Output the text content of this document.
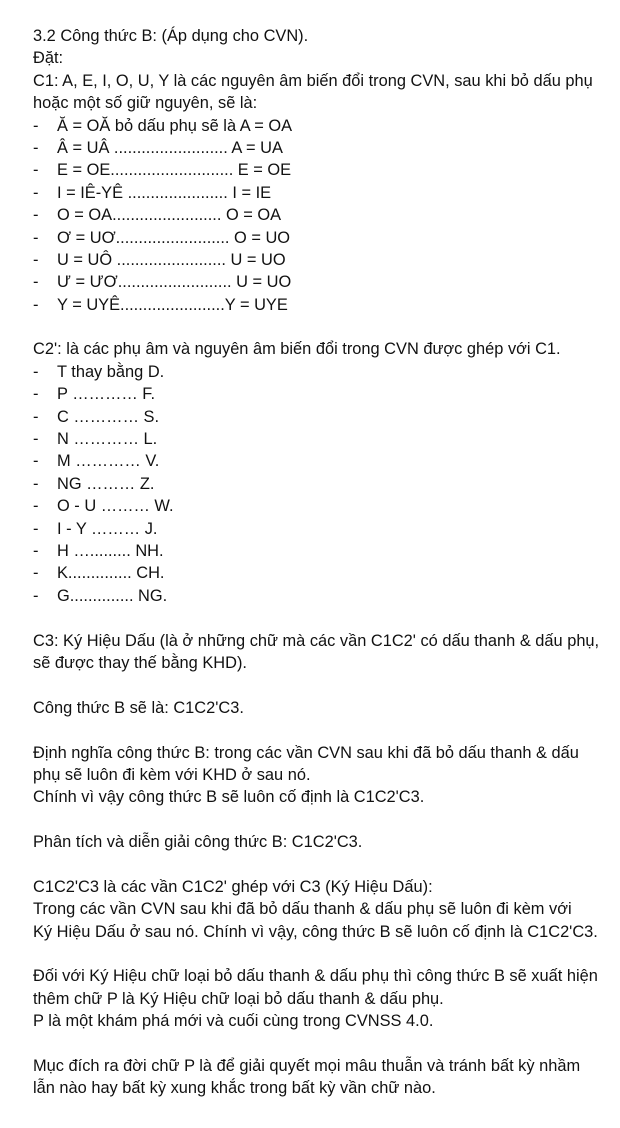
3.2 Công thức B: (Áp dụng cho CVN).
Đặt:
C1: A, E, I, O, U, Y là các nguyên âm biến đổi trong CVN, sau khi bỏ dấu phụ
hoặc một số giữ nguyên, sẽ là:
- Ă = OĂ bỏ dấu phụ sẽ là A = OA
- Â = UÂ ......................... A = UA
- E = OE........................... E = OE
- I = IÊ-YÊ ...................... I = IE
- O = OA........................ O = OA
- Ơ = UƠ......................... O = UO
- U = UÔ ........................ U = UO
- Ư = ƯƠ......................... U = UO
- Y = UYÊ.......................Y = UYE
C2': là các phụ âm và nguyên âm biến đổi trong CVN được ghép với C1.
- T thay bằng D.
- P ………… F.
- C ………… S.
- N ………… L.
- M ………… V.
- NG ……… Z.
- O - U ……… W.
- I - Y ……… J.
- H …......... NH.
- K.............. CH.
- G.............. NG.
C3: Ký Hiệu Dấu (là ở những chữ mà các vần C1C2' có dấu thanh & dấu phụ,
sẽ được thay thế bằng KHD).
Công thức B sẽ là: C1C2'C3.
Định nghĩa công thức B: trong các vần CVN sau khi đã bỏ dấu thanh & dấu
phụ sẽ luôn đi kèm với KHD ở sau nó.
Chính vì vậy công thức B sẽ luôn cố định là C1C2'C3.
Phân tích và diễn giải công thức B: C1C2'C3.
C1C2'C3 là các vần C1C2' ghép với C3 (Ký Hiệu Dấu):
Trong các vần CVN sau khi đã bỏ dấu thanh & dấu phụ sẽ luôn đi kèm với
Ký Hiệu Dấu ở sau nó. Chính vì vậy, công thức B sẽ luôn cố định là C1C2'C3.
Đối với Ký Hiệu chữ loại bỏ dấu thanh & dấu phụ thì công thức B sẽ xuất hiện
thêm chữ P là Ký Hiệu chữ loại bỏ dấu thanh & dấu phụ.
P là một khám phá mới và cuối cùng trong CVNSS 4.0.
Mục đích ra đời chữ P là để giải quyết mọi mâu thuẫn và tránh bất kỳ nhầm
lẫn nào hay bất kỳ xung khắc trong bất kỳ vần chữ nào.
